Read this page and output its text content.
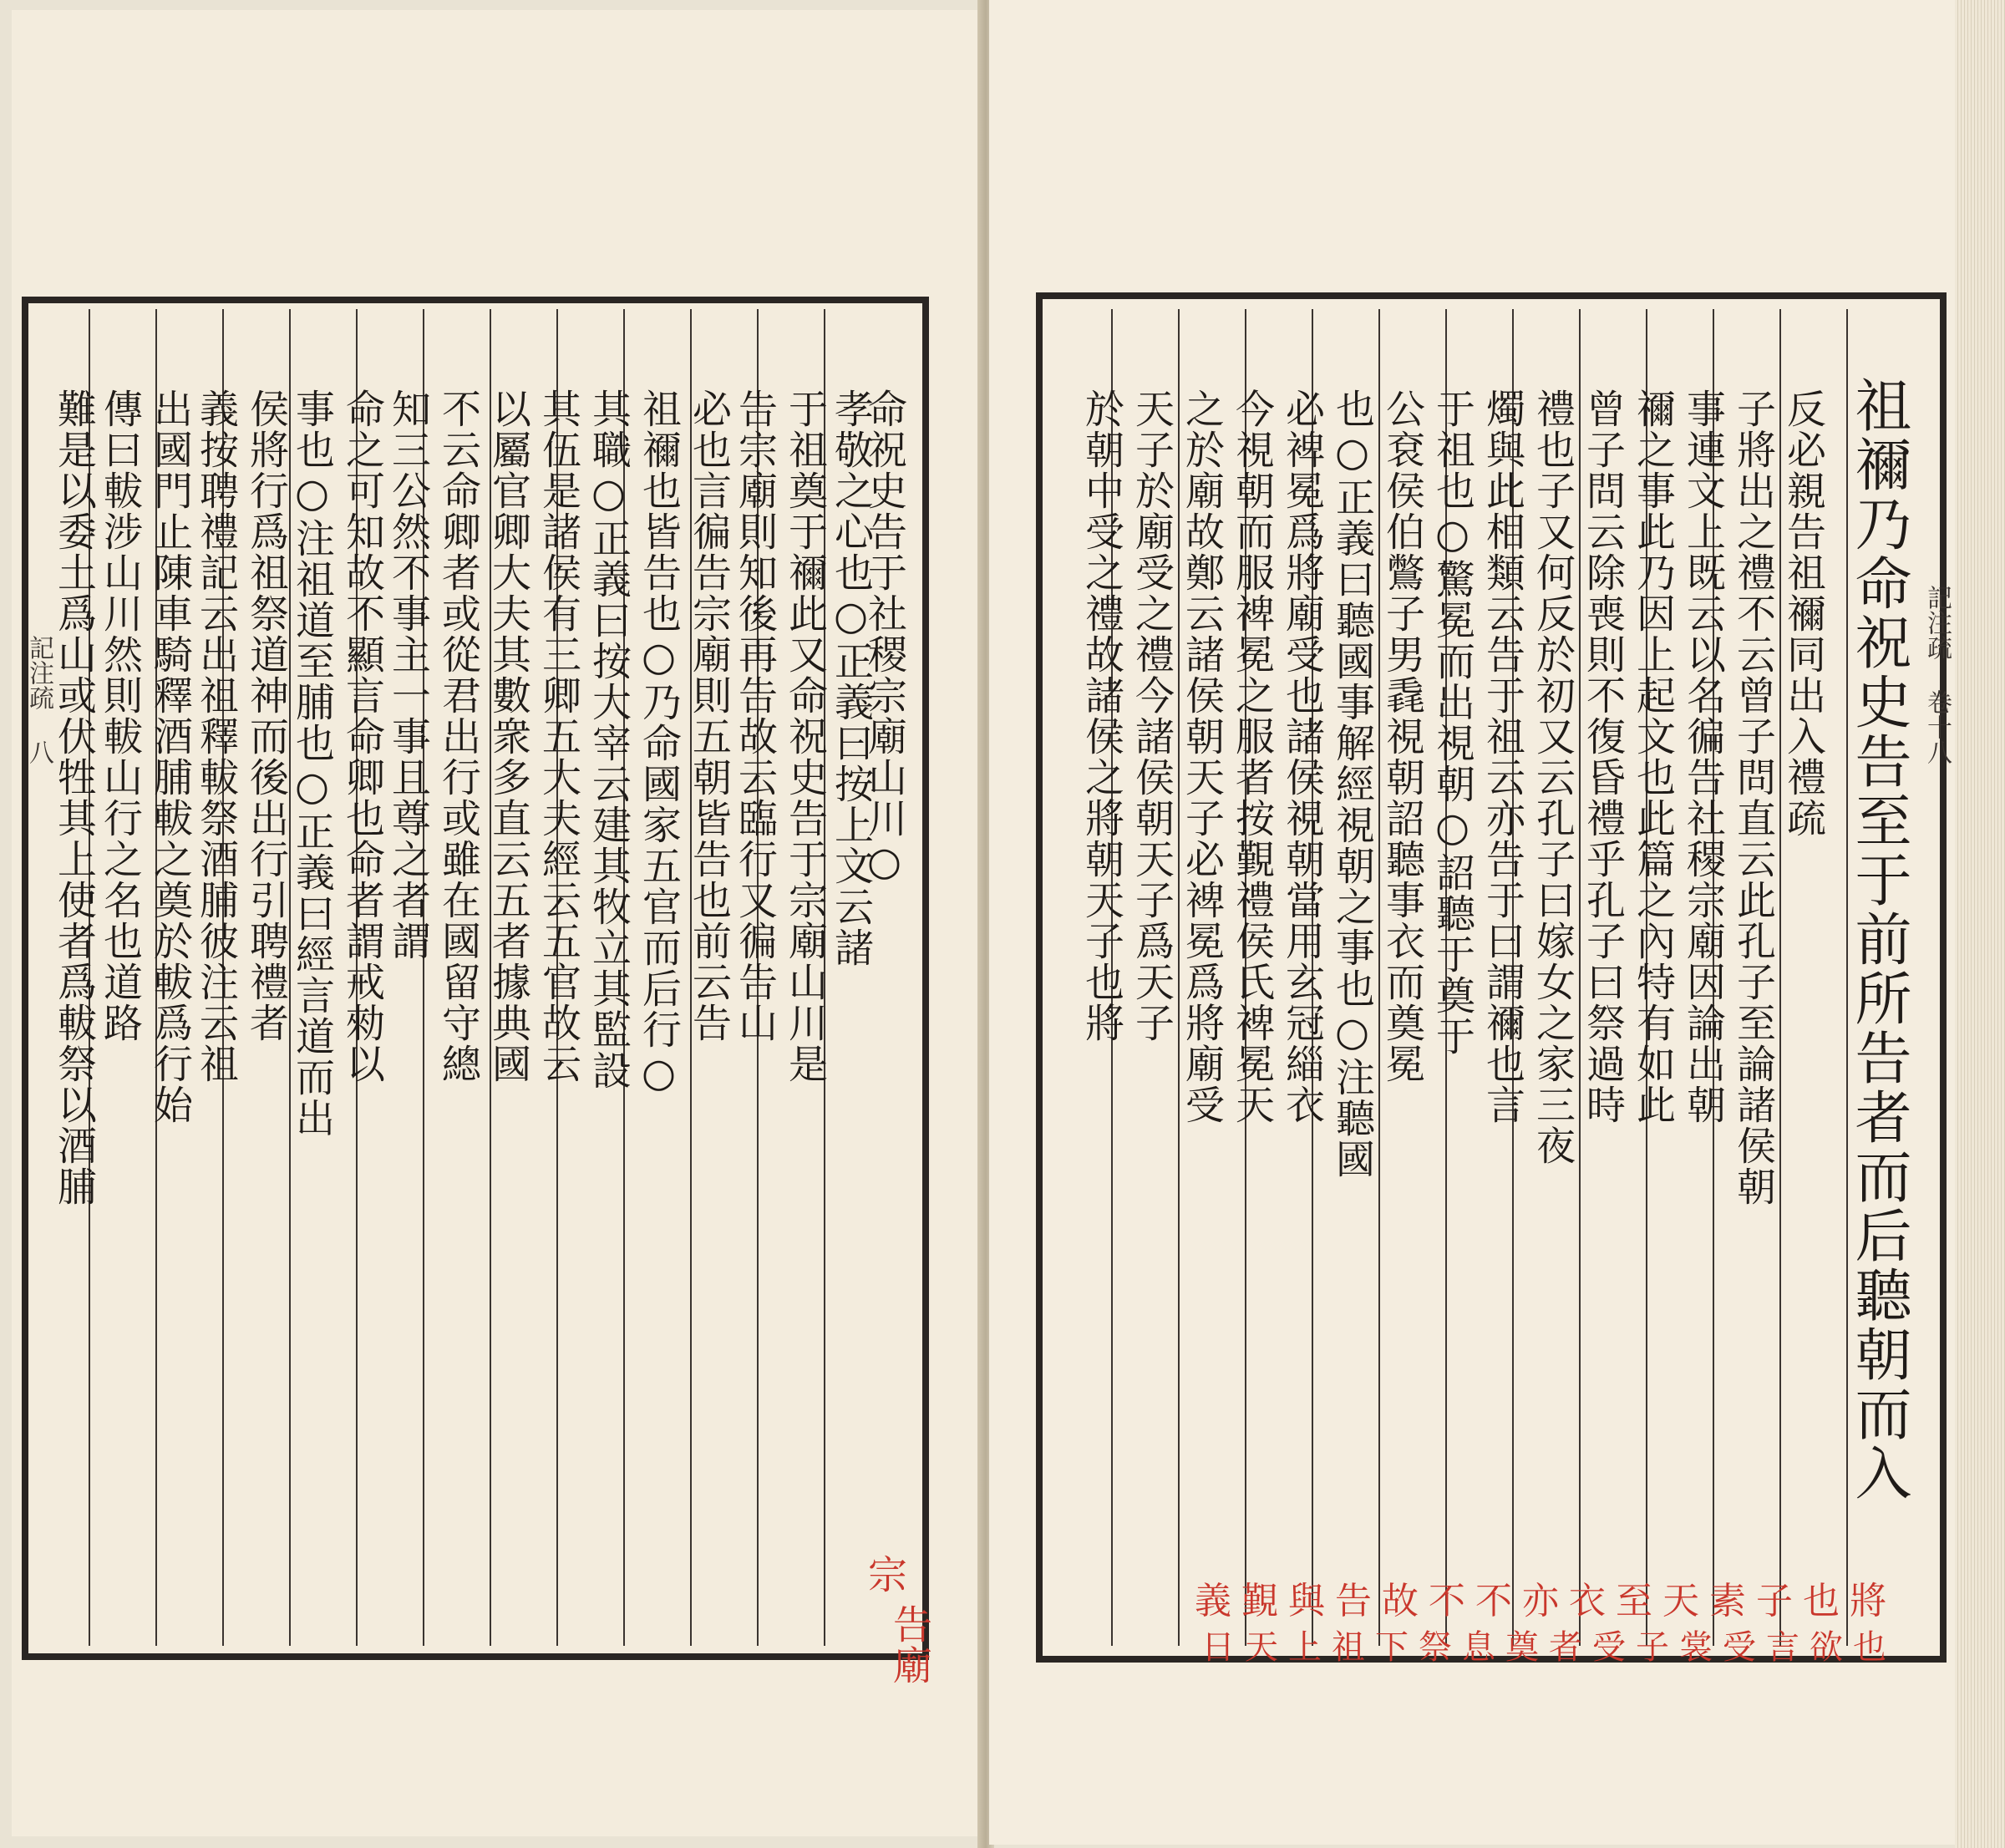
命祝史告于社稷宗廟山川○
孝敬之心也○正義曰按上文云諸
于祖奠于禰此又命祝史告于宗廟山川是
告宗廟則知後再告故云臨行又徧告山
必也言徧告宗廟則五朝皆告也前云告
祖禰也皆告也○乃命國家五官而后行○
其職○正義曰按大宰云建其牧立其監設
其伍是諸侯有三卿五大夫經云五官故云
以屬官卿大夫其數衆多直云五者據典國
不云命卿者或從君出行或雖在國留守總
知三公然不事主一事且尊之者謂
命之可知故不顯言命卿也命者謂戒勑以
事也○注祖道至脯也○正義曰經言道而出
侯將行爲祖祭道神而後出行引聘禮者
義按聘禮記云出祖釋軷祭酒脯彼注云祖
出國門止陳車騎釋酒脯軷之奠於軷爲行始
傳曰軷涉山川然則軷山行之名也道路
難是以委土爲山或伏牲其上使者爲軷祭以酒脯
宗
告廟
記注疏 八	祖禰乃命祝史告至于前所告者而后聽朝而入
反必親告祖禰同出入禮疏
子將出之禮不云曾子問直云此孔子至論諸侯朝
事連文上既云以名徧告社稷宗廟因論出朝
禰之事此乃因上起文也此篇之內特有如此
曾子問云除喪則不復昏禮乎孔子曰祭過時
禮也子又何反於初又云孔子曰嫁女之家三夜
燭與此相類云告于祖云亦告于曰謂禰也言
于祖也○驚冕而出視朝○詔聽于奠于
公袞侯伯鷩子男毳視朝詔聽事衣而奠冕
也○正義曰聽國事解經視朝之事也○注聽國
必裨冕爲將廟受也諸侯視朝當用玄冠緇衣
今視朝而服裨冕之服者按覲禮侯氏裨冕天
之於廟故鄭云諸侯朝天子必裨冕爲將廟受
天子於廟受之禮今諸侯朝天子爲天子
於朝中受之禮故諸侯之將朝天子也將
義覲與告故不不亦衣至天素子也將
日天上祖下祭息奠者受子裳受言欲也
記注疏 卷十八
